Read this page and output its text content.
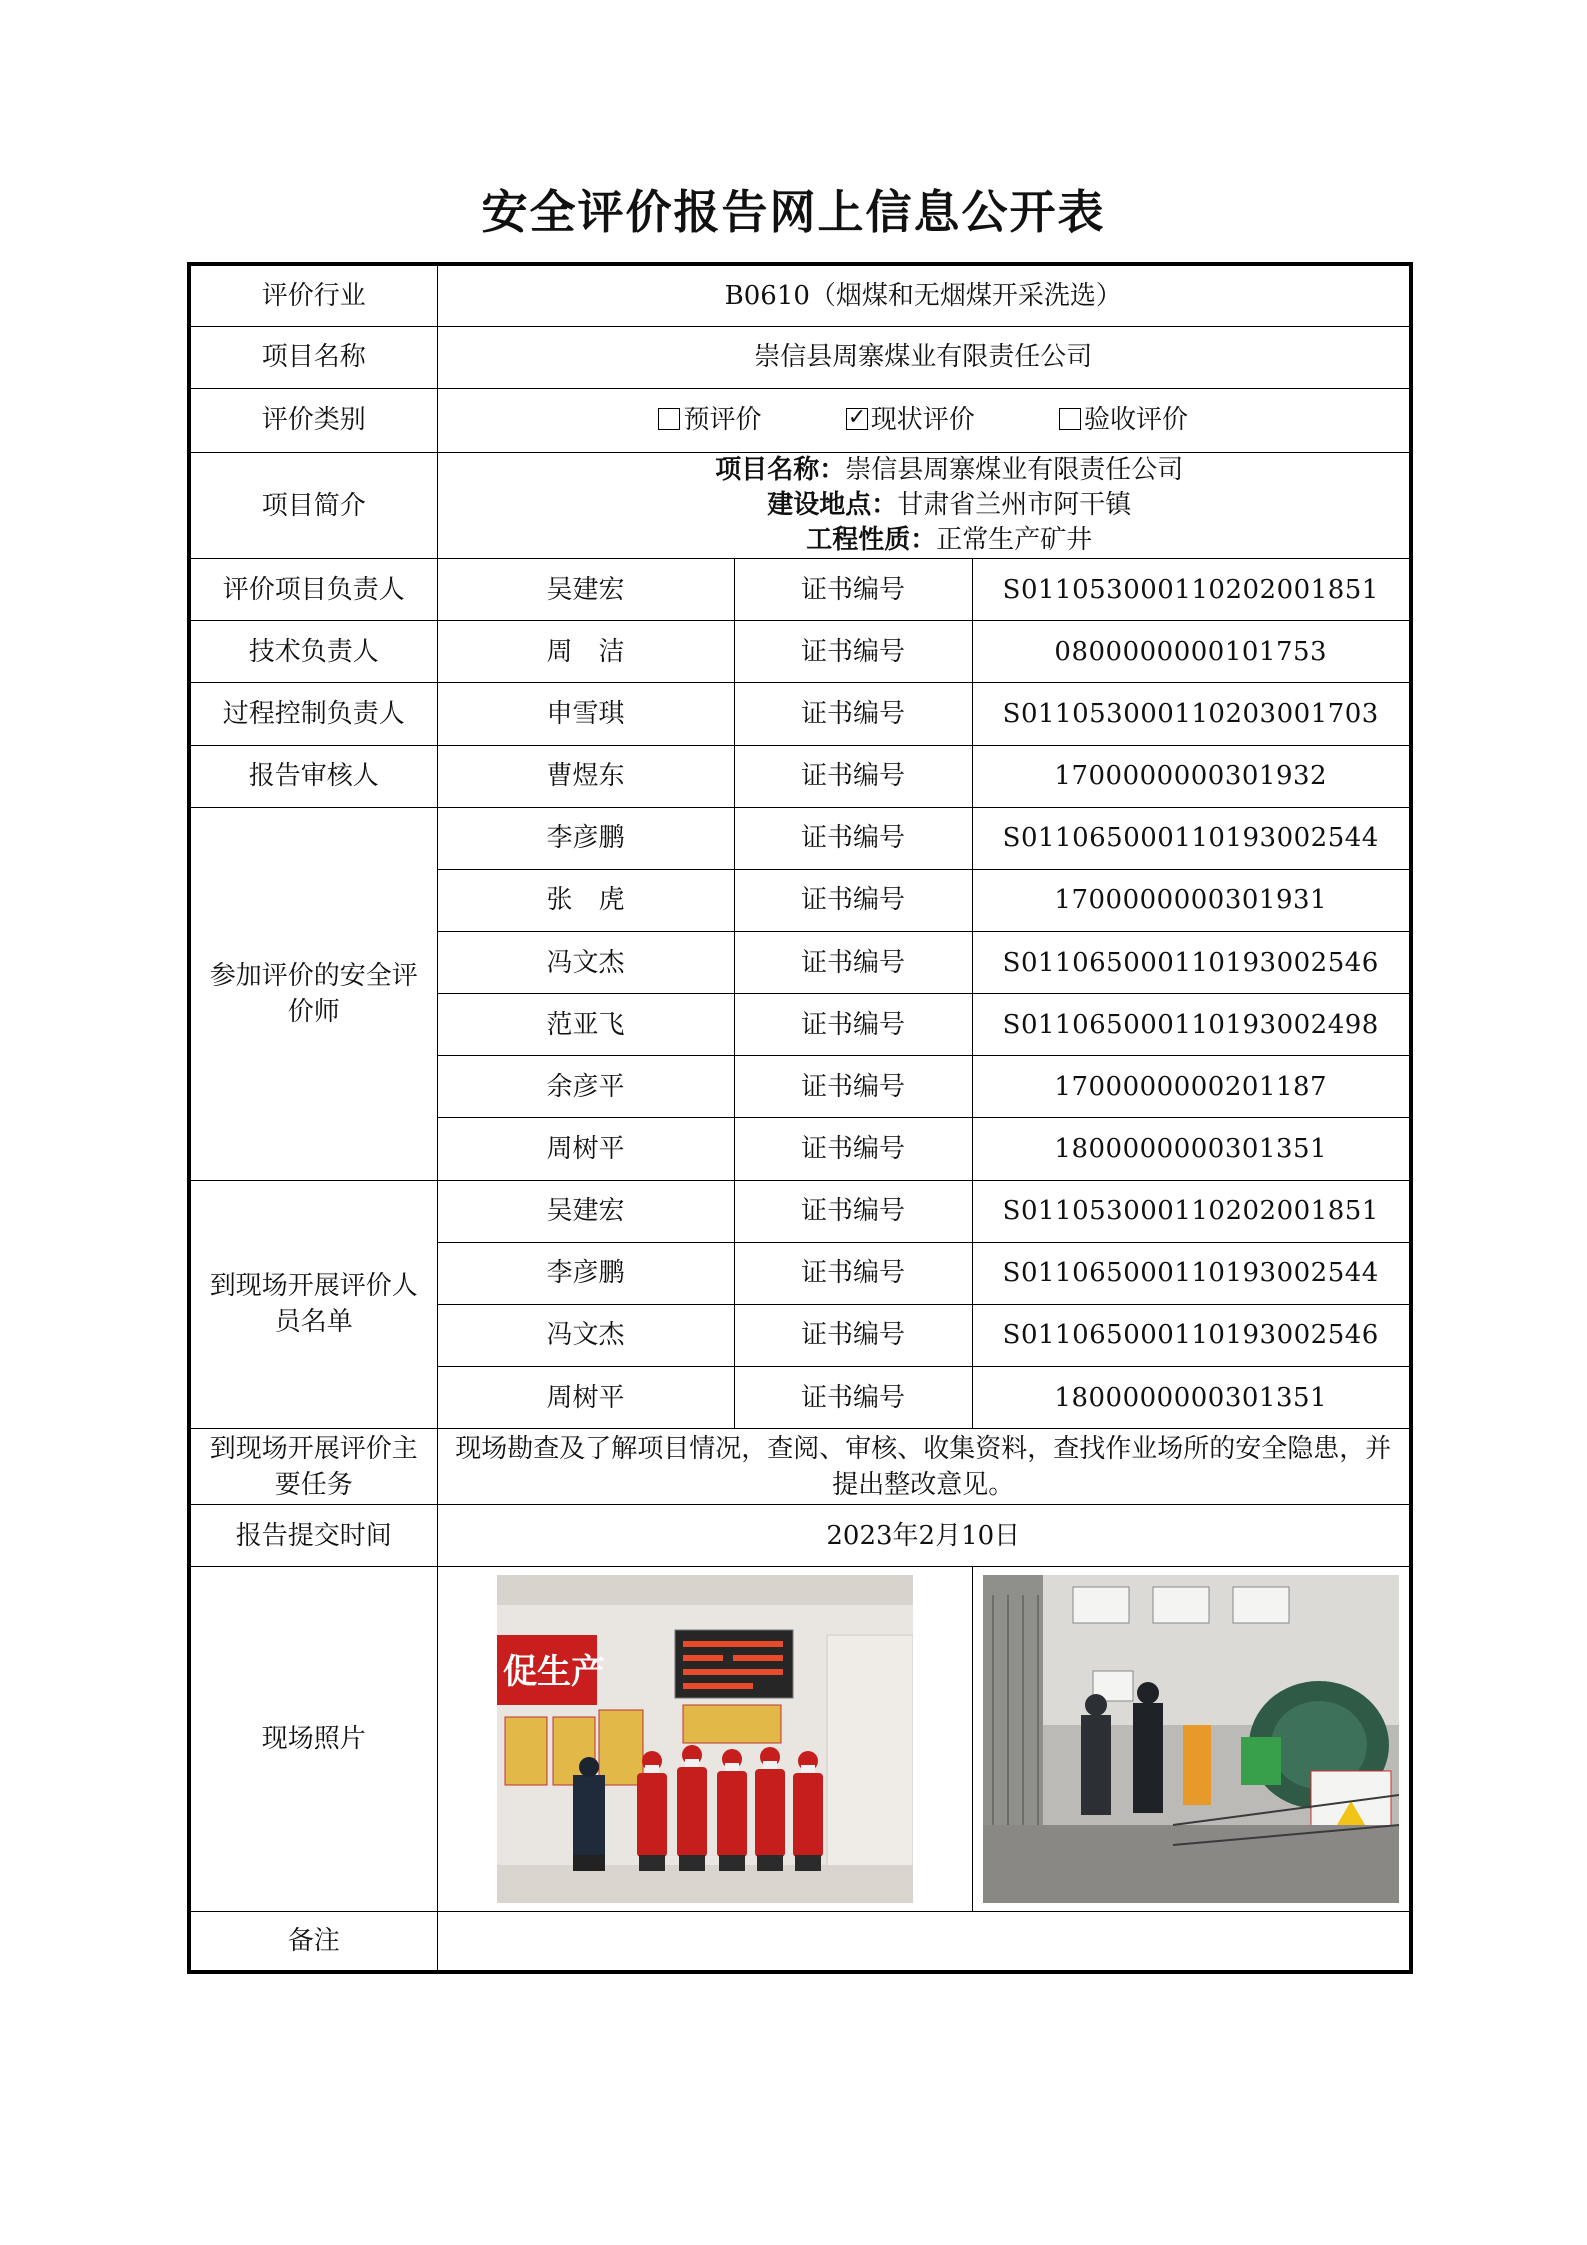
安全评价报告网上信息公开表
评价行业	B0610（烟煤和无烟煤开采洗选）		
项目名称	崇信县周寨煤业有限责任公司		
评价类别	预评价 ✓ 现状评价 验收评价
项目简介	项目名称：崇信县周寨煤业有限责任公司
建设地点：甘肃省兰州市阿干镇
工程性质：正常生产矿井		

评价项目负责人	吴建宏	证书编号	S011053000110202001851
技术负责人	周　洁	证书编号	0800000000101753
过程控制负责人	申雪琪	证书编号	S011053000110203001703
报告审核人	曹煜东	证书编号	1700000000301932
参加评价的安全评价师	李彦鹏	证书编号	S011065000110193002544
	张　虎	证书编号	1700000000301931
	冯文杰	证书编号	S011065000110193002546
	范亚飞	证书编号	S011065000110193002498
	余彦平	证书编号	1700000000201187
	周树平	证书编号	1800000000301351
到现场开展评价人员名单	吴建宏	证书编号	S011053000110202001851
	李彦鹏	证书编号	S011065000110193002544
	冯文杰	证书编号	S011065000110193002546
	周树平	证书编号	1800000000301351
到现场开展评价主要任务	现场勘查及了解项目情况，查阅、审核、收集资料，查找作业场所的安全隐患，并提出整改意见。		
报告提交时间	2023年2月10日		
现场照片	促生产

备注			
